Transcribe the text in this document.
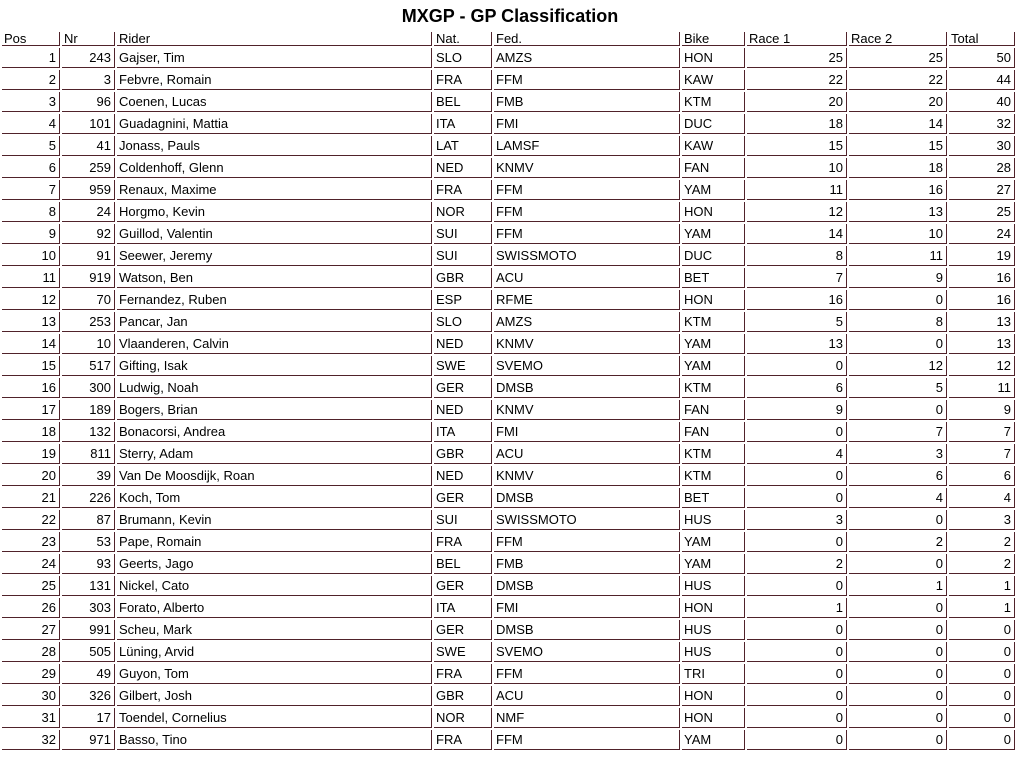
MXGP - GP Classification
Pos	Nr	Rider	Nat.	Fed.	Bike	Race 1	Race 2	Total
1	243	Gajser, Tim	SLO	AMZS	HON	25	25	50
2	3	Febvre, Romain	FRA	FFM	KAW	22	22	44
3	96	Coenen, Lucas	BEL	FMB	KTM	20	20	40
4	101	Guadagnini, Mattia	ITA	FMI	DUC	18	14	32
5	41	Jonass, Pauls	LAT	LAMSF	KAW	15	15	30
6	259	Coldenhoff, Glenn	NED	KNMV	FAN	10	18	28
7	959	Renaux, Maxime	FRA	FFM	YAM	11	16	27
8	24	Horgmo, Kevin	NOR	FFM	HON	12	13	25
9	92	Guillod, Valentin	SUI	FFM	YAM	14	10	24
10	91	Seewer, Jeremy	SUI	SWISSMOTO	DUC	8	11	19
11	919	Watson, Ben	GBR	ACU	BET	7	9	16
12	70	Fernandez, Ruben	ESP	RFME	HON	16	0	16
13	253	Pancar, Jan	SLO	AMZS	KTM	5	8	13
14	10	Vlaanderen, Calvin	NED	KNMV	YAM	13	0	13
15	517	Gifting, Isak	SWE	SVEMO	YAM	0	12	12
16	300	Ludwig, Noah	GER	DMSB	KTM	6	5	11
17	189	Bogers, Brian	NED	KNMV	FAN	9	0	9
18	132	Bonacorsi, Andrea	ITA	FMI	FAN	0	7	7
19	811	Sterry, Adam	GBR	ACU	KTM	4	3	7
20	39	Van De Moosdijk, Roan	NED	KNMV	KTM	0	6	6
21	226	Koch, Tom	GER	DMSB	BET	0	4	4
22	87	Brumann, Kevin	SUI	SWISSMOTO	HUS	3	0	3
23	53	Pape, Romain	FRA	FFM	YAM	0	2	2
24	93	Geerts, Jago	BEL	FMB	YAM	2	0	2
25	131	Nickel, Cato	GER	DMSB	HUS	0	1	1
26	303	Forato, Alberto	ITA	FMI	HON	1	0	1
27	991	Scheu, Mark	GER	DMSB	HUS	0	0	0
28	505	Lüning, Arvid	SWE	SVEMO	HUS	0	0	0
29	49	Guyon, Tom	FRA	FFM	TRI	0	0	0
30	326	Gilbert, Josh	GBR	ACU	HON	0	0	0
31	17	Toendel, Cornelius	NOR	NMF	HON	0	0	0
32	971	Basso, Tino	FRA	FFM	YAM	0	0	0
